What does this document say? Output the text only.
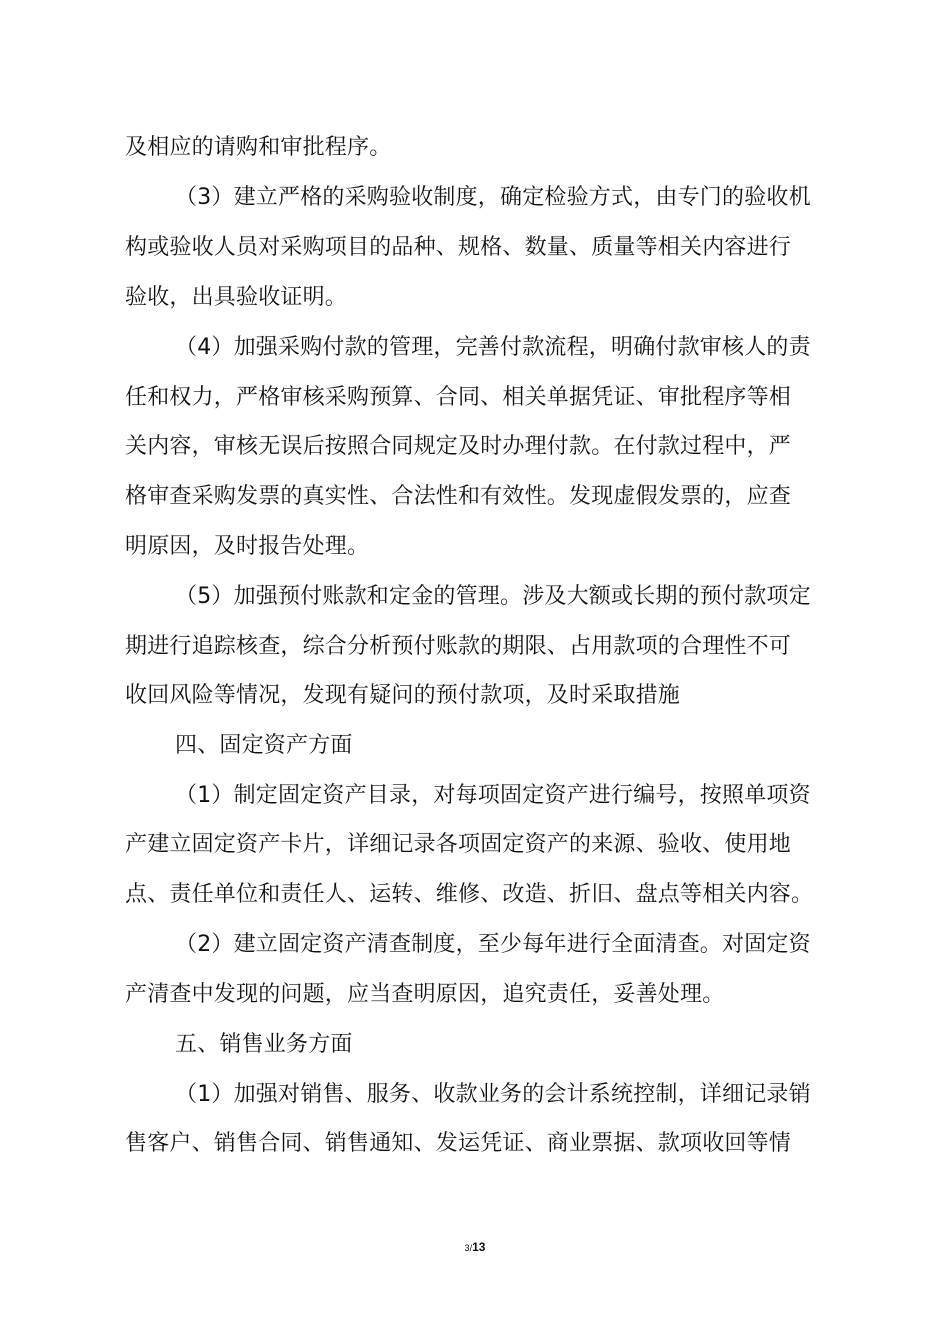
及相应的请购和审批程序。
（3）建立严格的采购验收制度，确定检验方式，由专门的验收机
构或验收人员对采购项目的品种、规格、数量、质量等相关内容进行
验收，出具验收证明。
（4）加强采购付款的管理，完善付款流程，明确付款审核人的责
任和权力，严格审核采购预算、合同、相关单据凭证、审批程序等相
关内容，审核无误后按照合同规定及时办理付款。在付款过程中，严
格审查采购发票的真实性、合法性和有效性。发现虚假发票的，应查
明原因，及时报告处理。
（5）加强预付账款和定金的管理。涉及大额或长期的预付款项定
期进行追踪核查，综合分析预付账款的期限、占用款项的合理性不可
收回风险等情况，发现有疑问的预付款项，及时采取措施
四、固定资产方面
（1）制定固定资产目录，对每项固定资产进行编号，按照单项资
产建立固定资产卡片，详细记录各项固定资产的来源、验收、使用地
点、责任单位和责任人、运转、维修、改造、折旧、盘点等相关内容。
（2）建立固定资产清查制度，至少每年进行全面清查。对固定资
产清查中发现的问题，应当查明原因，追究责任，妥善处理。
五、销售业务方面
（1）加强对销售、服务、收款业务的会计系统控制，详细记录销
售客户、销售合同、销售通知、发运凭证、商业票据、款项收回等情
3/13
